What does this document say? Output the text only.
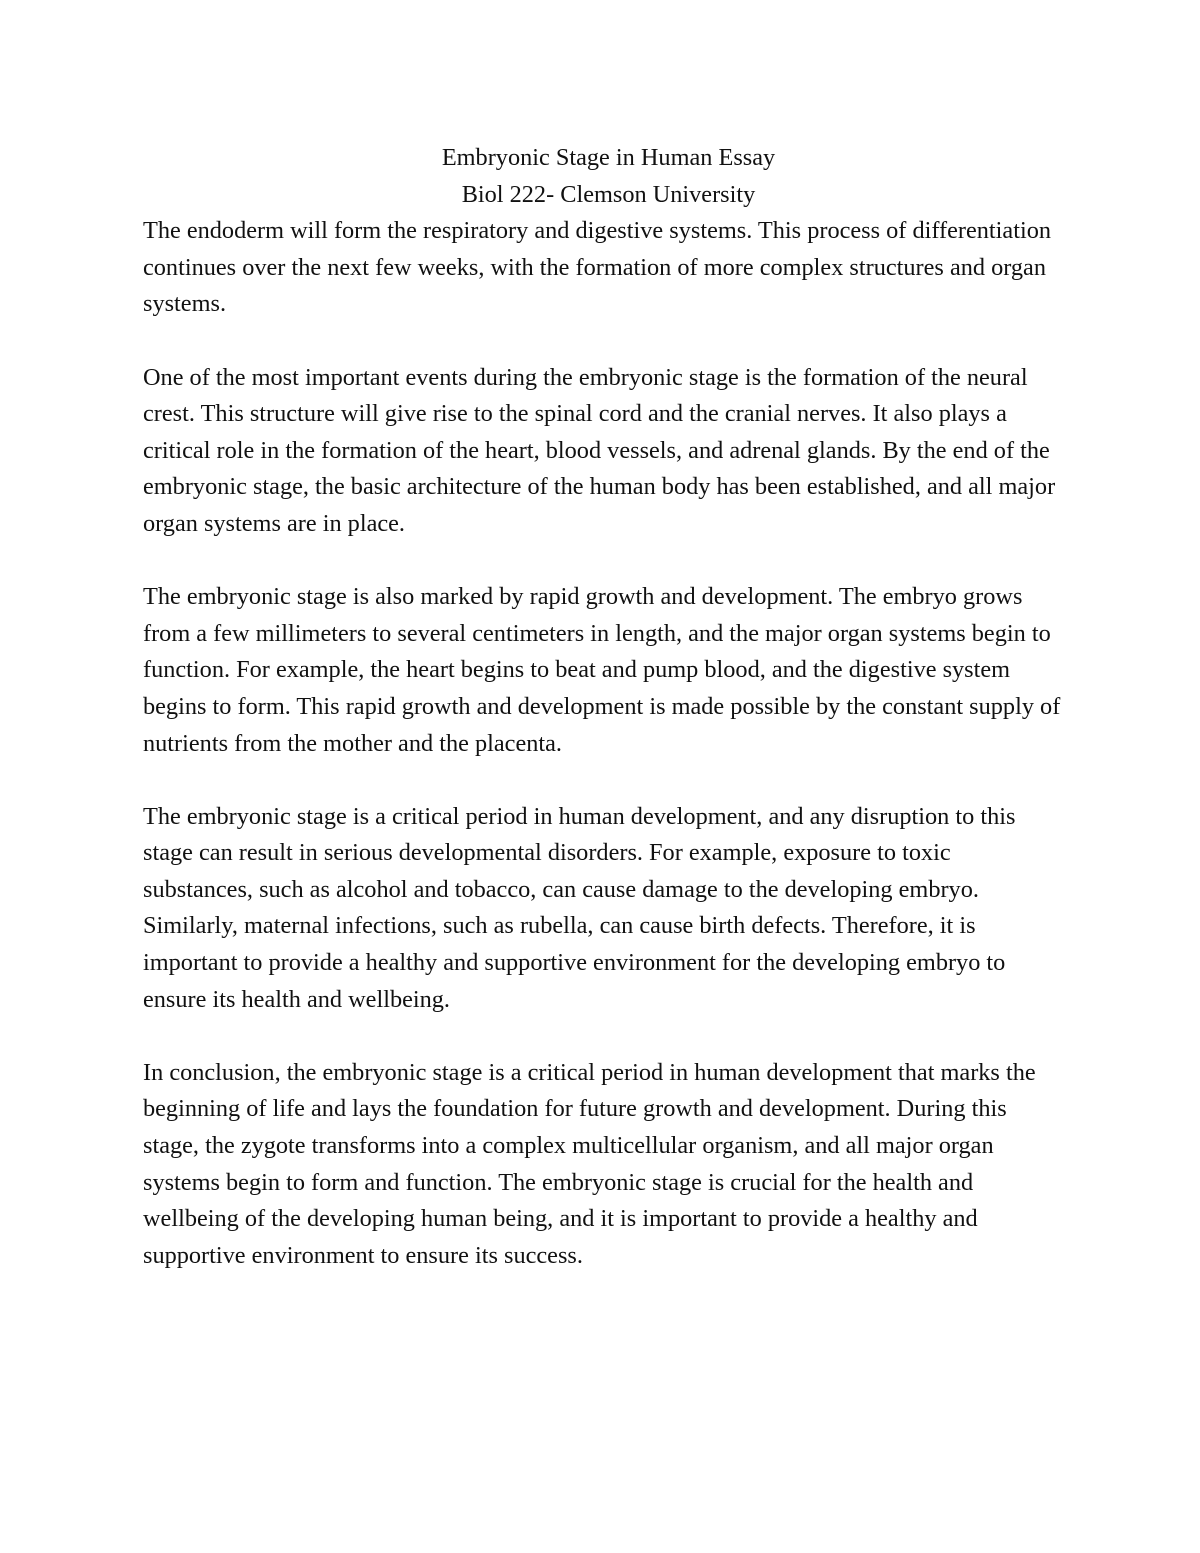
Embryonic Stage in Human Essay

Biol 222- Clemson University

The endoderm will form the respiratory and digestive systems. This process of differentiation continues over the next few weeks, with the formation of more complex structures and organ systems.

One of the most important events during the embryonic stage is the formation of the neural crest. This structure will give rise to the spinal cord and the cranial nerves. It also plays a critical role in the formation of the heart, blood vessels, and adrenal glands. By the end of the embryonic stage, the basic architecture of the human body has been established, and all major organ systems are in place.

The embryonic stage is also marked by rapid growth and development. The embryo grows from a few millimeters to several centimeters in length, and the major organ systems begin to function. For example, the heart begins to beat and pump blood, and the digestive system begins to form. This rapid growth and development is made possible by the constant supply of nutrients from the mother and the placenta.

The embryonic stage is a critical period in human development, and any disruption to this stage can result in serious developmental disorders. For example, exposure to toxic substances, such as alcohol and tobacco, can cause damage to the developing embryo. Similarly, maternal infections, such as rubella, can cause birth defects. Therefore, it is important to provide a healthy and supportive environment for the developing embryo to ensure its health and wellbeing.

In conclusion, the embryonic stage is a critical period in human development that marks the beginning of life and lays the foundation for future growth and development. During this stage, the zygote transforms into a complex multicellular organism, and all major organ systems begin to form and function. The embryonic stage is crucial for the health and wellbeing of the developing human being, and it is important to provide a healthy and supportive environment to ensure its success.
